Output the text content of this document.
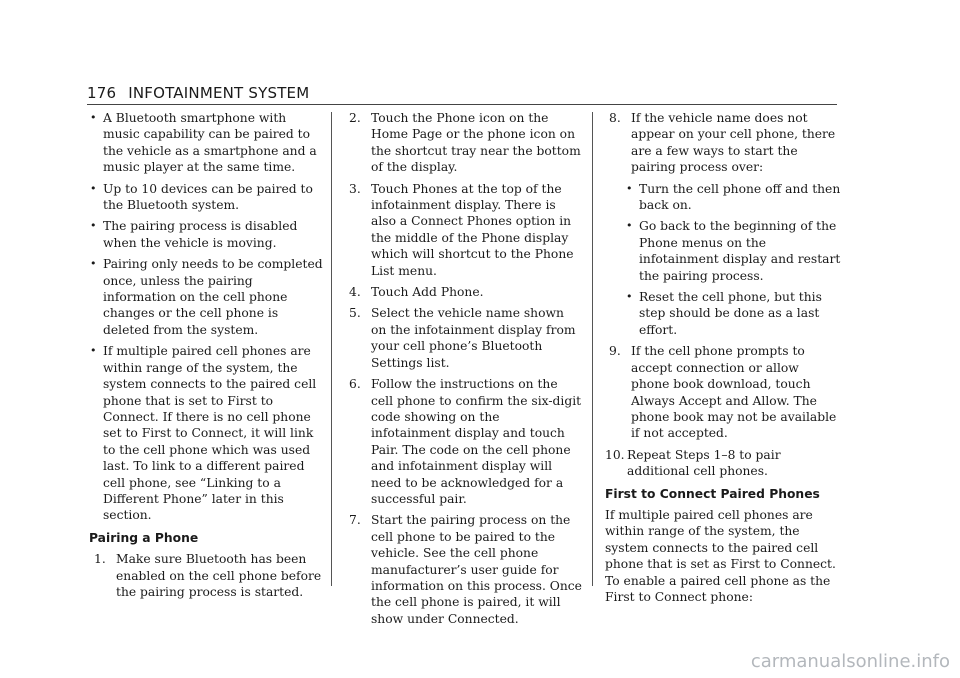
176 INFOTAINMENT SYSTEM
• A Bluetooth smartphone with music capability can be paired to the vehicle as a smartphone and a music player at the same time.
• Up to 10 devices can be paired to the Bluetooth system.
• The pairing process is disabled when the vehicle is moving.
• Pairing only needs to be completed once, unless the pairing information on the cell phone changes or the cell phone is deleted from the system.
• If multiple paired cell phones are within range of the system, the system connects to the paired cell phone that is set to First to Connect. If there is no cell phone set to First to Connect, it will link to the cell phone which was used last. To link to a different paired cell phone, see “Linking to a Different Phone” later in this section.
Pairing a Phone
1. Make sure Bluetooth has been enabled on the cell phone before the pairing process is started.
2. Touch the Phone icon on the Home Page or the phone icon on the shortcut tray near the bottom of the display.
3. Touch Phones at the top of the infotainment display. There is also a Connect Phones option in the middle of the Phone display which will shortcut to the Phone List menu.
4. Touch Add Phone.
5. Select the vehicle name shown on the infotainment display from your cell phone’s Bluetooth Settings list.
6. Follow the instructions on the cell phone to confirm the six-digit code showing on the infotainment display and touch Pair. The code on the cell phone and infotainment display will need to be acknowledged for a successful pair.
7. Start the pairing process on the cell phone to be paired to the vehicle. See the cell phone manufacturer’s user guide for information on this process. Once the cell phone is paired, it will show under Connected.
8. If the vehicle name does not appear on your cell phone, there are a few ways to start the pairing process over:
• Turn the cell phone off and then back on.
• Go back to the beginning of the Phone menus on the infotainment display and restart the pairing process.
• Reset the cell phone, but this step should be done as a last effort.
9. If the cell phone prompts to accept connection or allow phone book download, touch Always Accept and Allow. The phone book may not be available if not accepted.
10. Repeat Steps 1–8 to pair additional cell phones.
First to Connect Paired Phones
If multiple paired cell phones are within range of the system, the system connects to the paired cell phone that is set as First to Connect. To enable a paired cell phone as the First to Connect phone:
carmanualsonline.info
